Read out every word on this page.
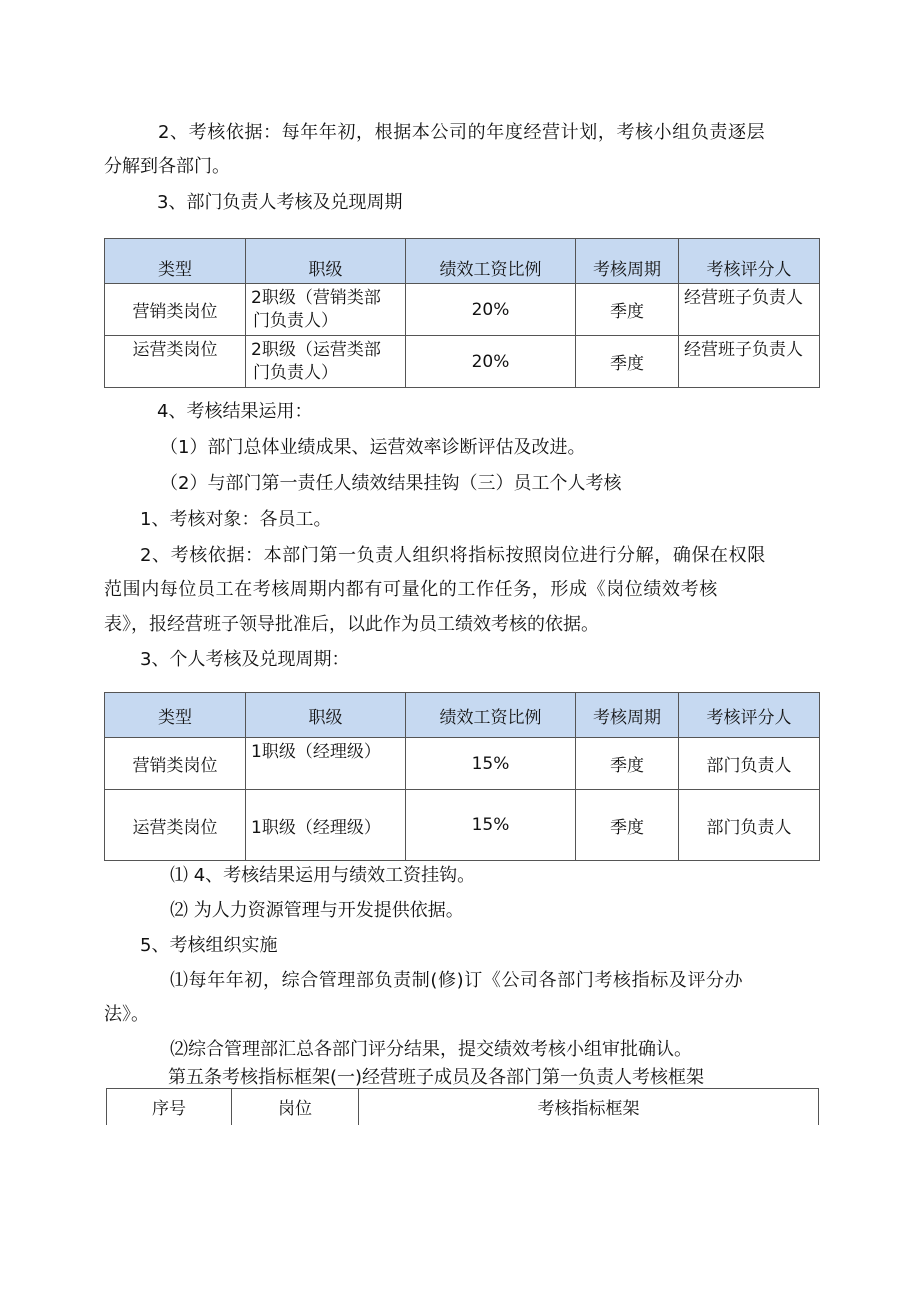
2、考核依据：每年年初，根据本公司的年度经营计划，考核小组负责逐层
分解到各部门。
3、部门负责人考核及兑现周期
类型	职级	绩效工资比例	考核周期	考核评分人
营销类岗位	2职级（营销类部
门负责人）	20%	季度	经营班子负责人
运营类岗位	2职级（运营类部
门负责人）	20%	季度	经营班子负责人
4、考核结果运用：
（1）部门总体业绩成果、运营效率诊断评估及改进。
（2）与部门第一责任人绩效结果挂钩（三）员工个人考核
1、考核对象：各员工。
2、考核依据：本部门第一负责人组织将指标按照岗位进行分解，确保在权限
范围内每位员工在考核周期内都有可量化的工作任务，形成《岗位绩效考核
表》，报经营班子领导批准后，以此作为员工绩效考核的依据。
3、个人考核及兑现周期：
类型	职级	绩效工资比例	考核周期	考核评分人
营销类岗位	1职级（经理级）	15%	季度	部门负责人
运营类岗位	1职级（经理级）	15%	季度	部门负责人
⑴ 4、考核结果运用与绩效工资挂钩。
⑵ 为人力资源管理与开发提供依据。
5、考核组织实施
⑴每年年初，综合管理部负责制(修)订《公司各部门考核指标及评分办
法》。
⑵综合管理部汇总各部门评分结果，提交绩效考核小组审批确认。
第五条考核指标框架(一)经营班子成员及各部门第一负责人考核框架
序号	岗位	考核指标框架
